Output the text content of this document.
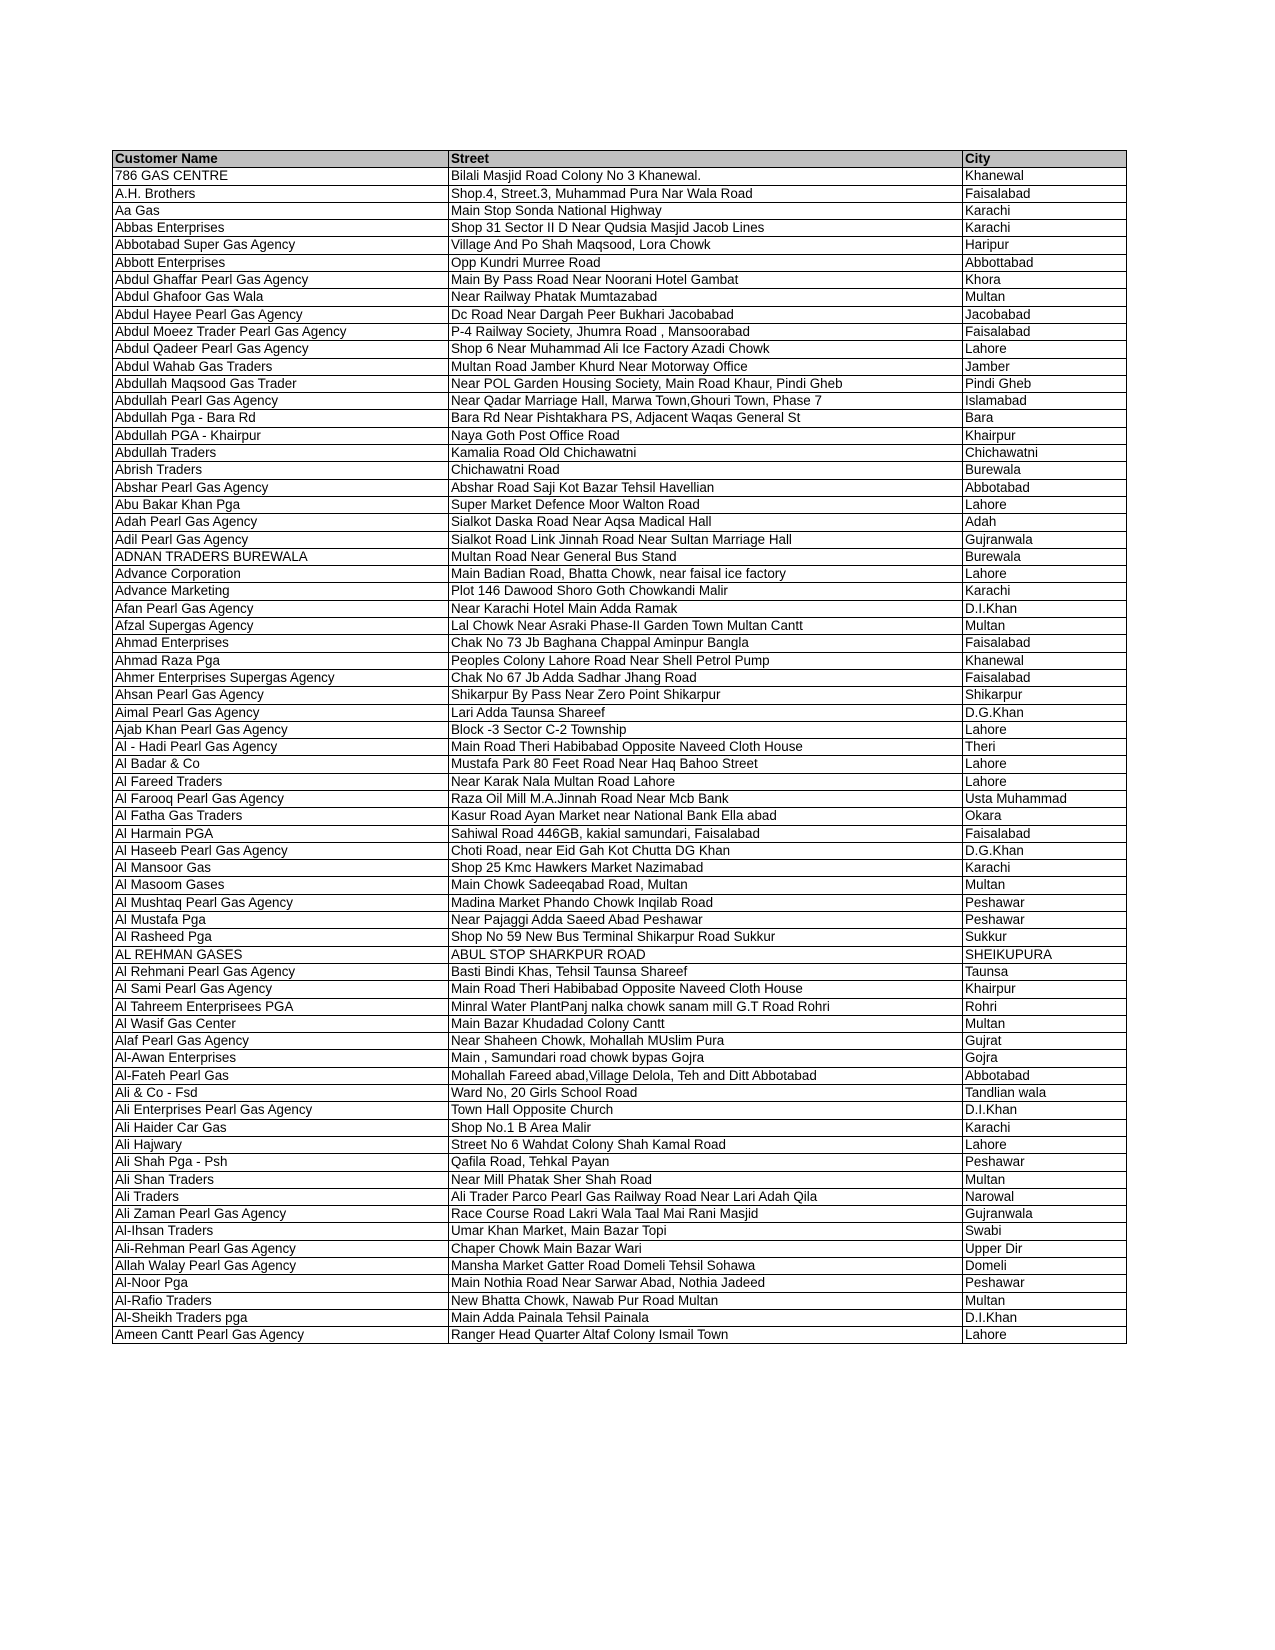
Customer Name	Street	City
786 GAS CENTRE	Bilali Masjid Road Colony No 3 Khanewal.	Khanewal
A.H. Brothers	Shop.4, Street.3, Muhammad Pura Nar Wala Road	Faisalabad
Aa Gas	Main Stop Sonda National Highway	Karachi
Abbas Enterprises	Shop 31 Sector II D Near Qudsia Masjid Jacob Lines	Karachi
Abbotabad Super Gas Agency	Village And Po Shah Maqsood, Lora Chowk	Haripur
Abbott Enterprises	Opp Kundri Murree Road	Abbottabad
Abdul Ghaffar Pearl Gas Agency	Main By Pass Road Near Noorani Hotel Gambat	Khora
Abdul Ghafoor Gas Wala	Near Railway Phatak Mumtazabad	Multan
Abdul Hayee Pearl Gas Agency	Dc Road Near Dargah Peer Bukhari Jacobabad	Jacobabad
Abdul Moeez Trader Pearl Gas Agency	P-4 Railway Society, Jhumra Road , Mansoorabad	Faisalabad
Abdul Qadeer Pearl Gas Agency	Shop 6 Near Muhammad Ali Ice Factory Azadi Chowk	Lahore
Abdul Wahab Gas Traders	Multan Road Jamber Khurd Near Motorway Office	Jamber
Abdullah Maqsood Gas Trader	Near POL Garden Housing Society, Main Road Khaur, Pindi Gheb	Pindi Gheb
Abdullah Pearl Gas Agency	Near Qadar Marriage Hall, Marwa Town,Ghouri Town, Phase 7	Islamabad
Abdullah Pga - Bara Rd	Bara Rd Near Pishtakhara PS, Adjacent Waqas General St	Bara
Abdullah PGA - Khairpur	Naya Goth Post Office Road	Khairpur
Abdullah Traders	Kamalia Road Old Chichawatni	Chichawatni
Abrish Traders	Chichawatni Road	Burewala
Abshar Pearl Gas Agency	Abshar Road Saji Kot Bazar Tehsil Havellian	Abbotabad
Abu Bakar Khan Pga	Super Market Defence Moor Walton Road	Lahore
Adah Pearl Gas Agency	Sialkot Daska Road Near Aqsa Madical Hall	Adah
Adil Pearl Gas Agency	Sialkot Road Link Jinnah Road Near Sultan Marriage Hall	Gujranwala
ADNAN TRADERS BUREWALA	Multan Road Near General Bus Stand	Burewala
Advance Corporation	Main Badian Road, Bhatta Chowk, near faisal ice factory	Lahore
Advance Marketing	Plot 146 Dawood Shoro Goth Chowkandi Malir	Karachi
Afan Pearl Gas Agency	Near Karachi Hotel Main Adda Ramak	D.I.Khan
Afzal Supergas Agency	Lal Chowk Near Asraki Phase-II Garden Town Multan Cantt	Multan
Ahmad Enterprises	Chak No 73 Jb Baghana Chappal Aminpur Bangla	Faisalabad
Ahmad Raza Pga	Peoples Colony Lahore Road Near Shell Petrol Pump	Khanewal
Ahmer Enterprises Supergas Agency	Chak No 67 Jb Adda Sadhar Jhang Road	Faisalabad
Ahsan Pearl Gas Agency	Shikarpur By Pass Near Zero Point Shikarpur	Shikarpur
Aimal Pearl Gas Agency	Lari Adda Taunsa Shareef	D.G.Khan
Ajab Khan Pearl Gas Agency	Block -3 Sector C-2 Township	Lahore
Al - Hadi Pearl Gas Agency	Main Road Theri Habibabad Opposite Naveed Cloth House	Theri
Al Badar & Co	Mustafa Park 80 Feet Road Near Haq Bahoo Street	Lahore
Al Fareed Traders	Near Karak Nala Multan Road Lahore	Lahore
Al Farooq Pearl Gas Agency	Raza Oil Mill M.A.Jinnah Road Near Mcb Bank	Usta Muhammad
Al Fatha Gas Traders	Kasur Road Ayan Market near National Bank Ella abad	Okara
Al Harmain PGA	Sahiwal Road 446GB, kakial samundari, Faisalabad	Faisalabad
Al Haseeb Pearl Gas Agency	Choti Road, near Eid Gah Kot Chutta DG Khan	D.G.Khan
Al Mansoor Gas	Shop 25 Kmc Hawkers Market Nazimabad	Karachi
Al Masoom Gases	Main Chowk Sadeeqabad Road, Multan	Multan
Al Mushtaq Pearl Gas Agency	Madina Market Phando Chowk Inqilab Road	Peshawar
Al Mustafa Pga	Near Pajaggi Adda Saeed Abad Peshawar	Peshawar
Al Rasheed Pga	Shop No 59 New Bus Terminal Shikarpur Road Sukkur	Sukkur
AL REHMAN GASES	ABUL STOP SHARKPUR ROAD	SHEIKUPURA
Al Rehmani Pearl Gas Agency	Basti Bindi Khas, Tehsil Taunsa Shareef	Taunsa
Al Sami Pearl Gas Agency	Main Road Theri Habibabad Opposite Naveed Cloth House	Khairpur
Al Tahreem Enterprisees PGA	Minral Water PlantPanj nalka chowk sanam mill G.T Road Rohri	Rohri
Al Wasif Gas Center	Main Bazar Khudadad Colony Cantt	Multan
Alaf Pearl Gas Agency	Near Shaheen Chowk, Mohallah MUslim Pura	Gujrat
Al-Awan Enterprises	Main , Samundari road chowk bypas Gojra	Gojra
Al-Fateh Pearl Gas	Mohallah Fareed abad,Village Delola, Teh and Ditt Abbotabad	Abbotabad
Ali & Co - Fsd	Ward No, 20 Girls School Road	Tandlian wala
Ali Enterprises Pearl Gas Agency	Town Hall Opposite Church	D.I.Khan
Ali Haider Car Gas	Shop No.1 B Area Malir	Karachi
Ali Hajwary	Street No 6 Wahdat Colony Shah Kamal Road	Lahore
Ali Shah Pga - Psh	Qafila Road, Tehkal Payan	Peshawar
Ali Shan Traders	Near Mill Phatak Sher Shah Road	Multan
Ali Traders	Ali Trader Parco Pearl Gas Railway Road Near Lari Adah Qila	Narowal
Ali Zaman Pearl Gas Agency	Race Course Road Lakri Wala Taal Mai Rani Masjid	Gujranwala
Al-Ihsan Traders	Umar Khan Market, Main Bazar Topi	Swabi
Ali-Rehman Pearl Gas Agency	Chaper Chowk Main Bazar Wari	Upper Dir
Allah Walay Pearl Gas Agency	Mansha Market Gatter Road Domeli Tehsil Sohawa	Domeli
Al-Noor Pga	Main Nothia Road Near Sarwar Abad, Nothia Jadeed	Peshawar
Al-Rafio Traders	New Bhatta Chowk, Nawab Pur Road Multan	Multan
Al-Sheikh Traders pga	Main Adda Painala Tehsil Painala	D.I.Khan
Ameen Cantt Pearl Gas Agency	Ranger Head Quarter Altaf Colony Ismail Town	Lahore
